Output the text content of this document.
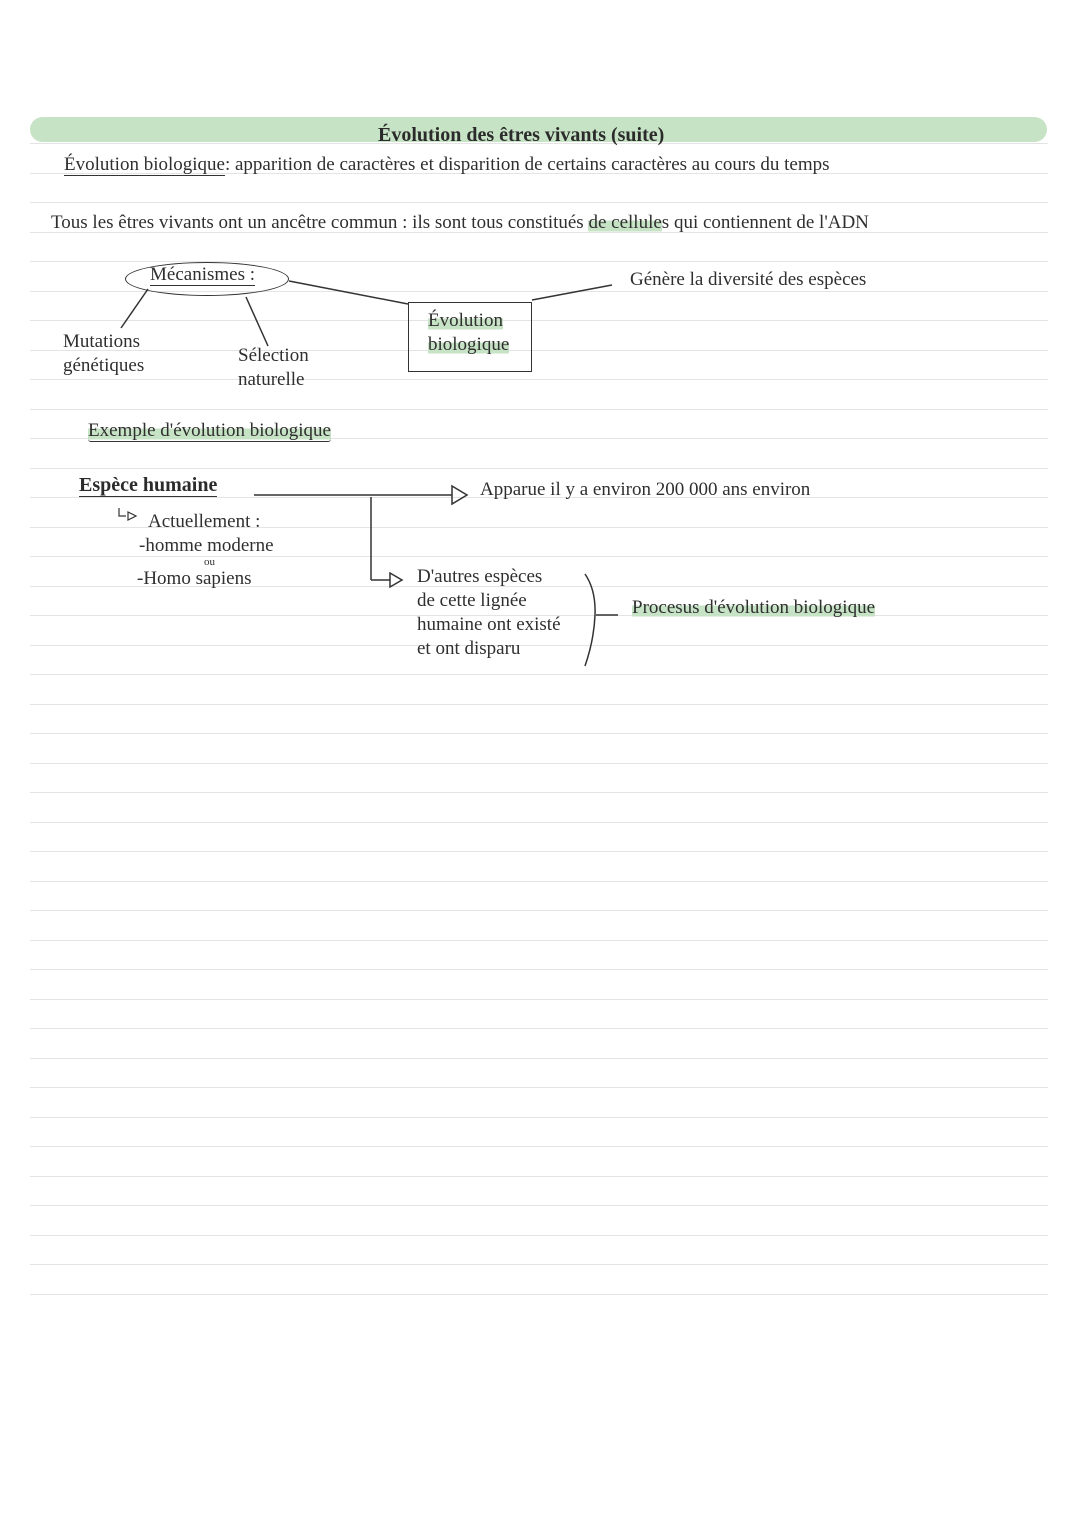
Évolution des êtres vivants (suite)
Évolution biologique: apparition de caractères et disparition de certains caractères au cours du temps
Tous les êtres vivants ont un ancêtre commun : ils sont tous constitués de cellules qui contiennent de l'ADN
Mécanismes :
Mutations
génétiques	Sélection
naturelle
Évolution
biologique
Génère la diversité des espèces
Exemple d'évolution biologique
Espèce humaine	Apparue il y a environ 200 000 ans environ
Actuellement :
-homme moderne
ou
-Homo sapiens	D'autres espèces
de cette lignée
humaine ont existé
et ont disparu
Procesus d'évolution biologique
